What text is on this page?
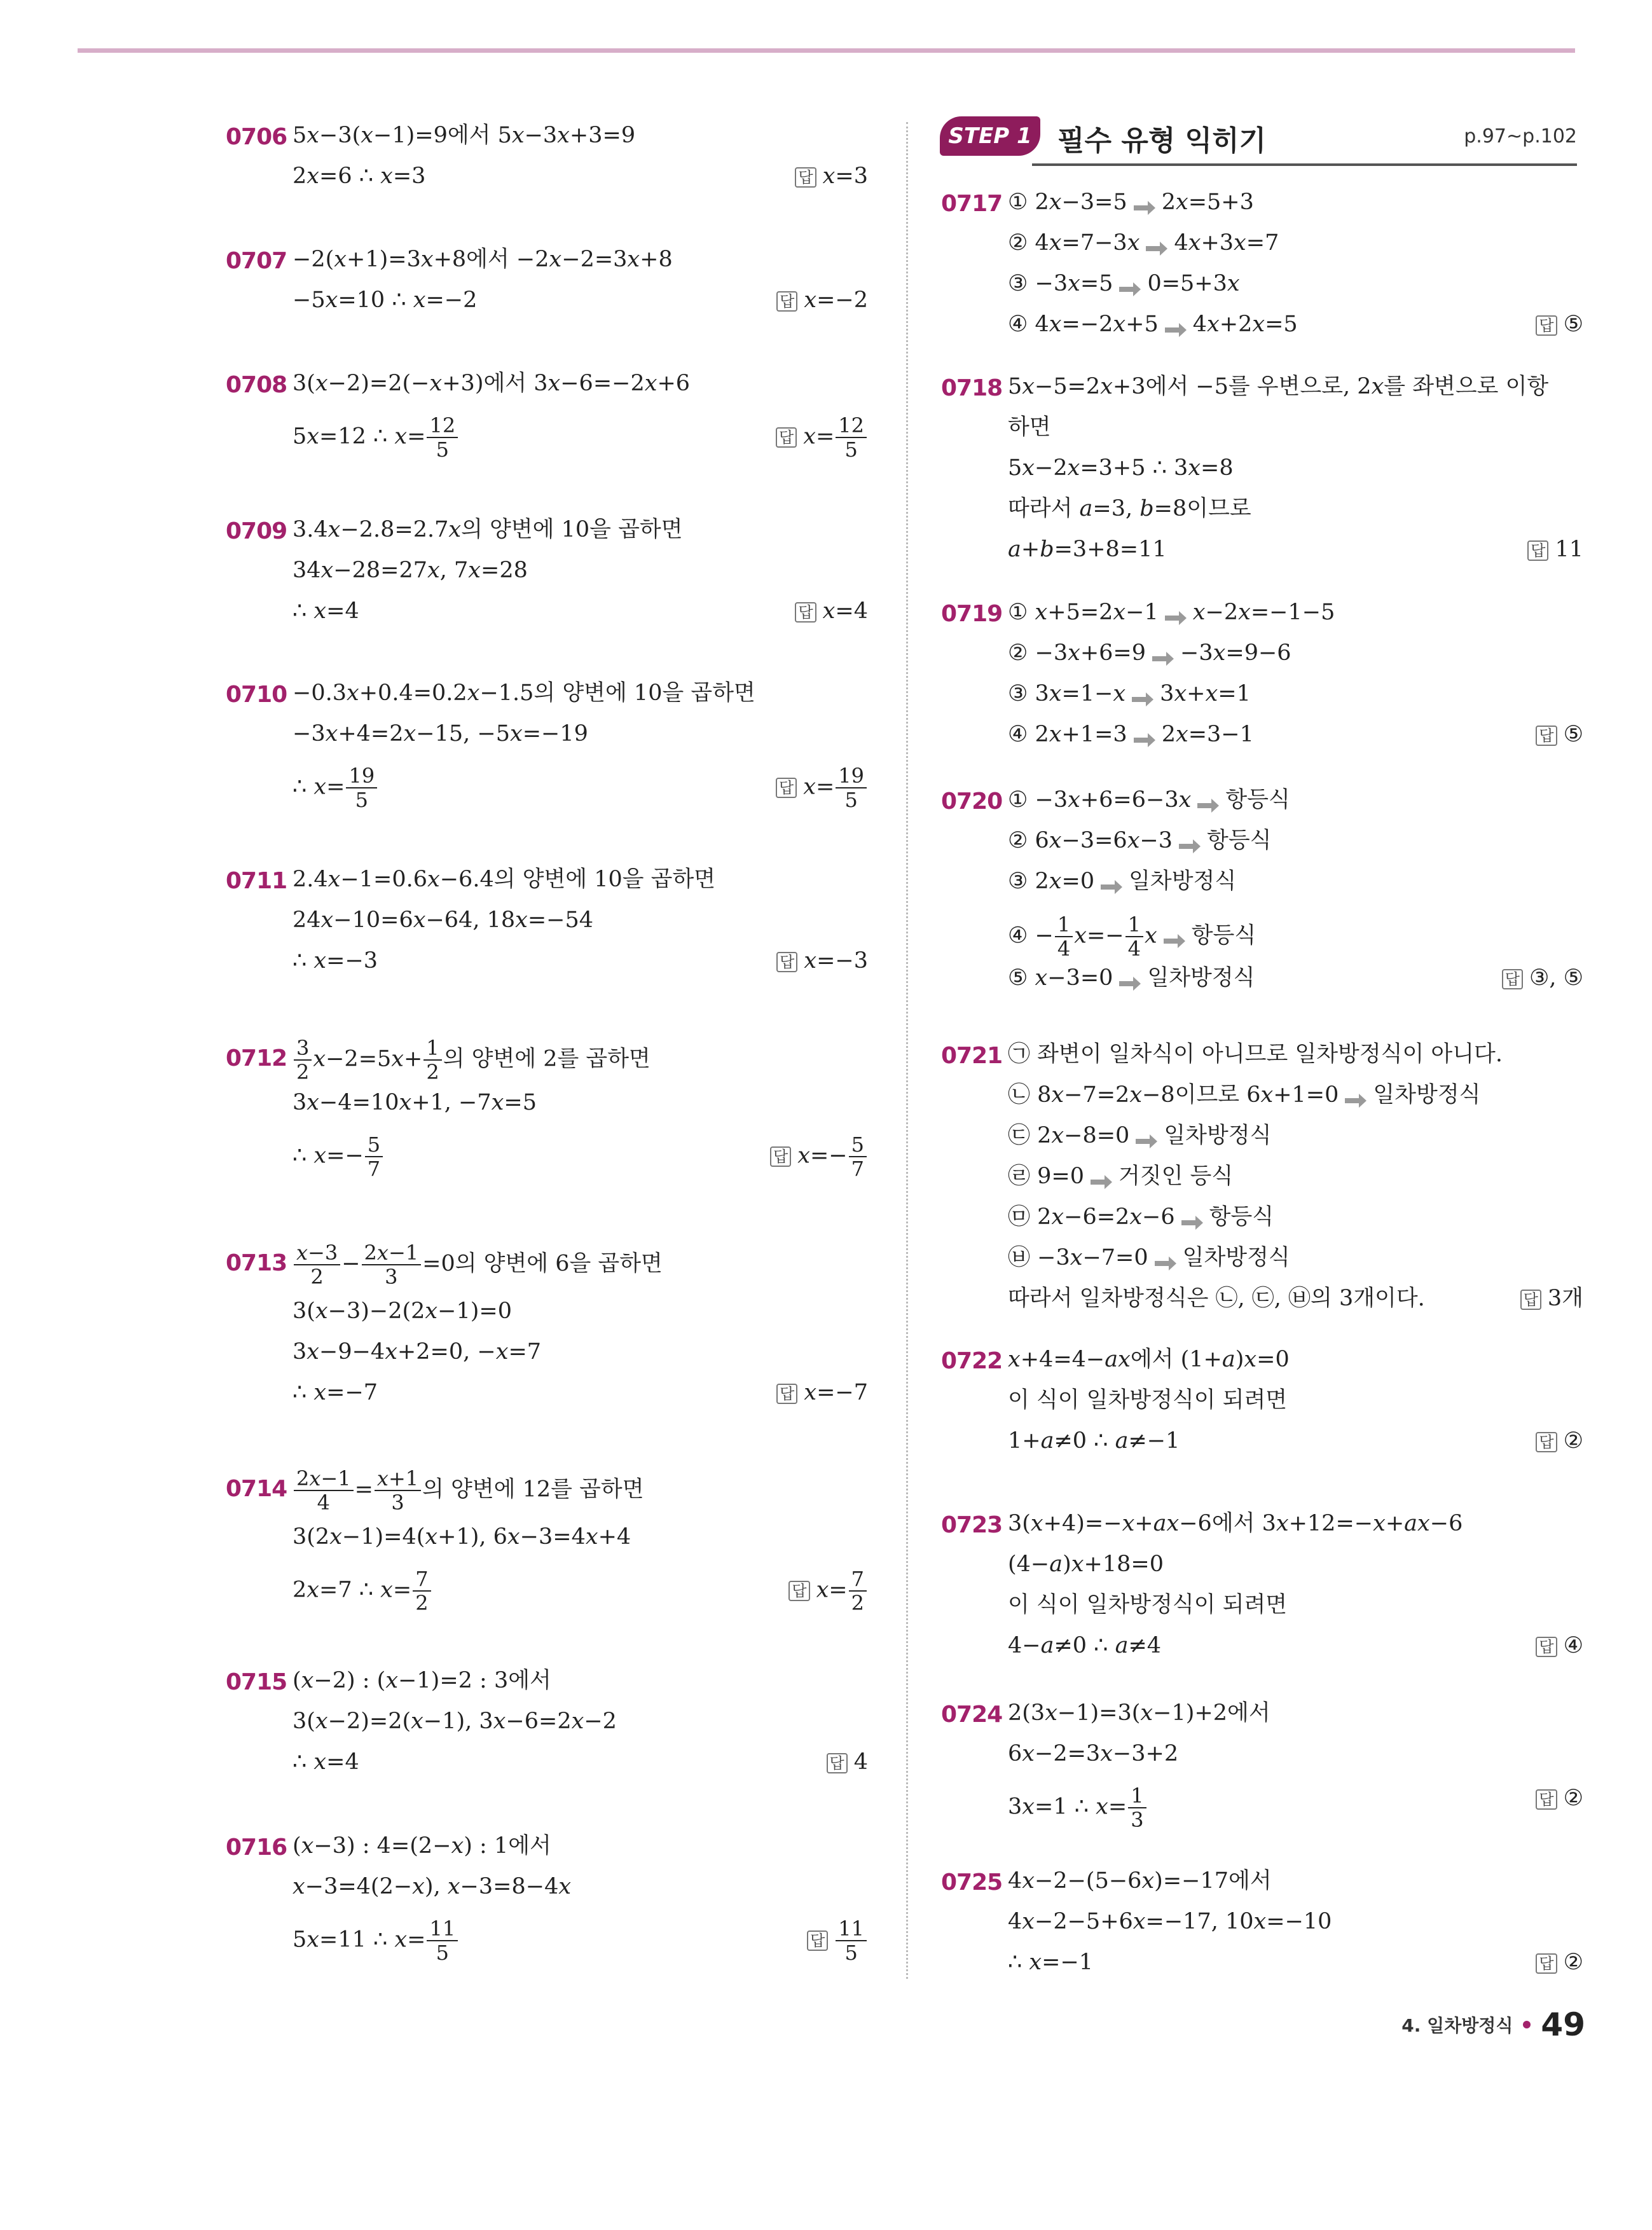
STEP 1 필수 유형 익히기	p.97~p.102
0706 5𝑥−3(𝑥−1)=9에서 5𝑥−3𝑥+3=9
2𝑥=6 ∴ 𝑥=3	답 𝑥=3
0707 −2(𝑥+1)=3𝑥+8에서 −2𝑥−2=3𝑥+8
−5𝑥=10 ∴ 𝑥=−2	답 𝑥=−2
0708 3(𝑥−2)=2(−𝑥+3)에서 3𝑥−6=−2𝑥+6
5𝑥=12 ∴ 𝑥= $\frac{12}{5}$	답 𝑥= $\frac{12}{5}$
0709 3.4𝑥−2.8=2.7𝑥의 양변에 10을 곱하면
34𝑥−28=27𝑥, 7𝑥=28
∴ 𝑥=4	답 𝑥=4
0710 −0.3𝑥+0.4=0.2𝑥−1.5의 양변에 10을 곱하면
−3𝑥+4=2𝑥−15, −5𝑥=−19
∴ 𝑥= $\frac{19}{5}$	답 𝑥= $\frac{19}{5}$
0711 2.4𝑥−1=0.6𝑥−6.4의 양변에 10을 곱하면
24𝑥−10=6𝑥−64, 18𝑥=−54
∴ 𝑥=−3	답 𝑥=−3
$0712 \frac{3}{2}$ 𝑥−2=5𝑥+ $\frac{1}{2}$ 의 양변에 2를 곱하면
3𝑥−4=10𝑥+1, −7𝑥=5
∴ 𝑥=− $\frac{5}{7}$	답 𝑥=− $\frac{5}{7}$
$0713 \frac{\text{𝑥−3}}{2} - \frac{\text{2𝑥−1}}{3} =0$의 양변에 6을 곱하면
3(𝑥−3)−2(2𝑥−1)=0
3𝑥−9−4𝑥+2=0, −𝑥=7
∴ 𝑥=−7	답 𝑥=−7
$0714 \frac{\text{2𝑥−1}}{4} = \frac{\text{𝑥+1}}{3}$ 의 양변에 12를 곱하면
3(2𝑥−1)=4(𝑥+1), 6𝑥−3=4𝑥+4
2𝑥=7 ∴ 𝑥= $\frac{7}{2}$	답 𝑥= $\frac{7}{2}$
0715 (𝑥−2) : (𝑥−1)=2 : 3에서
3(𝑥−2)=2(𝑥−1), 3𝑥−6=2𝑥−2
∴ 𝑥=4	답 4
0716 (𝑥−3) : 4=(2−𝑥) : 1에서
𝑥−3=4(2−𝑥), 𝑥−3=8−4𝑥
5𝑥=11 ∴ 𝑥= $\frac{11}{5}$	답 $\frac{11}{5}$
0717 ① 2𝑥−3=5 2𝑥=5+3
② 4𝑥=7−3𝑥 4𝑥+3𝑥=7
③ −3𝑥=5 0=5+3𝑥
④ 4𝑥=−2𝑥+5 4𝑥+2𝑥=5	답 ⑤
0718 5𝑥−5=2𝑥+3에서 −5를 우변으로, 2𝑥를 좌변으로 이항
하면
5𝑥−2𝑥=3+5 ∴ 3𝑥=8
따라서 𝑎=3, 𝑏=8이므로
𝑎+𝑏=3+8=11	답 11
0719 ① 𝑥+5=2𝑥−1 𝑥−2𝑥=−1−5
② −3𝑥+6=9 −3𝑥=9−6
③ 3𝑥=1−𝑥 3𝑥+𝑥=1
④ 2𝑥+1=3 2𝑥=3−1	답 ⑤
0720 ① −3𝑥+6=6−3𝑥 항등식
② 6𝑥−3=6𝑥−3 항등식
③ 2𝑥=0 일차방정식
④ − $\frac{1}{4}$ 𝑥=− $\frac{1}{4}$ 𝑥 항등식
⑤ 𝑥−3=0 일차방정식	답 ③, ⑤
0721 ㉠ 좌변이 일차식이 아니므로 일차방정식이 아니다.
㉡ 8𝑥−7=2𝑥−8이므로 6𝑥+1=0 일차방정식
㉢ 2𝑥−8=0 일차방정식
㉣ 9=0 거짓인 등식
㉤ 2𝑥−6=2𝑥−6 항등식
㉥ −3𝑥−7=0 일차방정식
따라서 일차방정식은 ㉡, ㉢, ㉥의 3개이다.	답 3개
0722 𝑥+4=4−𝑎𝑥에서 (1+𝑎)𝑥=0
이 식이 일차방정식이 되려면
1+𝑎≠0 ∴ 𝑎≠−1	답 ②
0723 3(𝑥+4)=−𝑥+𝑎𝑥−6에서 3𝑥+12=−𝑥+𝑎𝑥−6
(4−𝑎)𝑥+18=0
이 식이 일차방정식이 되려면
4−𝑎≠0 ∴ 𝑎≠4	답 ④
0724 2(3𝑥−1)=3(𝑥−1)+2에서
6𝑥−2=3𝑥−3+2
3𝑥=1 ∴ 𝑥= $\frac{1}{3}$	답 ②
0725 4𝑥−2−(5−6𝑥)=−17에서
4𝑥−2−5+6𝑥=−17, 10𝑥=−10
∴ 𝑥=−1	답 ②
4. 일차방정식 49
